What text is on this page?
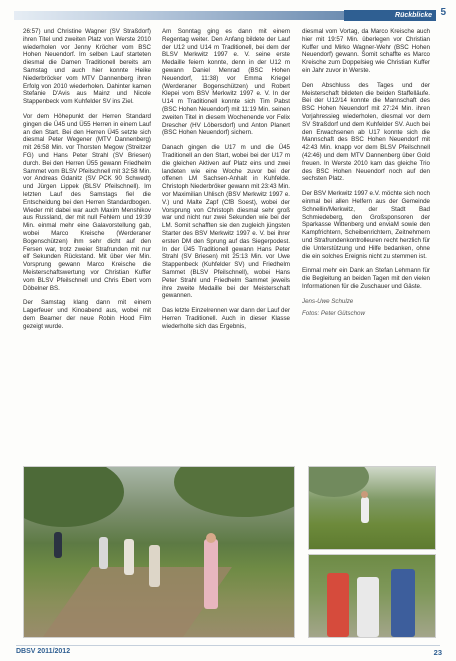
Rückblicke 5

26:57) und Christine Wagner (SV Straßdorf) ihren Titel und zweiten Platz von Werste 2010 wiederholen vor Jenny Kröcher vom BSC Hohen Neuendorf. Im selben Lauf starteten diesmal die Damen Traditionell bereits am Samstag und auch hier konnte Heike Niederbröcker vom MTV Dannenberg ihren Erfolg von 2010 wiederholen. Dahinter kamen Stefanie D'Avis aus Mainz und Nicole Stappenbeck vom Kuhfelder SV ins Ziel.

Vor dem Höhepunkt der Herren Standard gingen die Ü45 und Ü55 Herren in einem Lauf an den Start. Bei den Herren Ü45 setzte sich diesmal Peter Wegener (MTV Dannenberg) mit 26:58 Min. vor Thorsten Megow (Streitzer FG) und Hans Peter Strahl (SV Briesen) durch. Bei den Herren Ü55 gewann Friedhelm Sammet vom BLSV Pfeilschnell mit 32:58 Min. vor Andreas Gdanitz (SV PCK 90 Schwedt) und Jürgen Lippek (BLSV Pfeilschnell). Im letzten Lauf des Samstags fiel die Entscheidung bei den Herren Standardbogen. Wieder mit dabei war auch Maxim Menshikov aus Russland, der mit null Fehlern und 19:39 Min. einmal mehr eine Galavorstellung gab, wobei Marco Kreische (Werderaner Bogenschützen) ihm sehr dicht auf den Fersen war, trotz zweier Strafrunden mit nur elf Sekunden Rückstand. Mit über vier Min. Vorsprung gewann Marco Kreische die Meisterschaftswertung vor Christian Kuffer vom BLSV Pfeilschnell und Chris Ebert vom Döbelner BS.

Der Samstag klang dann mit einem Lagerfeuer und Kinoabend aus, wobei mit dem Beamer der neue Robin Hood Film gezeigt wurde.

Am Sonntag ging es dann mit einem Regentag weiter. Den Anfang bildete der Lauf der U12 und U14 m Traditionell, bei dem der BLSV Merkwitz 1997 e. V. seine erste Medaille feiern konnte, denn in der U12 m gewann Daniel Menrad (BSC Hohen Neuendorf, 11:38) vor Emma Kriegel (Werderaner Bogenschützen) und Robert Klepei vom BSV Merkwitz 1997 e. V. In der U14 m Traditionell konnte sich Tim Pabst (BSC Hohen Neuendorf) mit 11:19 Min. seinen zweiten Titel in diesem Wochenende vor Felix Drescher (HV Löbersdorf) und Anton Planert (BSC Hohen Neuendorf) sichern.

Danach gingen die U17 m und die Ü45 Traditionell an den Start, wobei bei der U17 m die gleichen Aktiven auf Platz eins und zwei landeten wie eine Woche zuvor bei der offenen LM Sachsen-Anhalt in Kuhfelde. Christoph Niederbröker gewann mit 23:43 Min. vor Maximilian Uhlisch (BSV Merkwitz 1997 e. V.) und Malte Zapf (CfB Soest), wobei der Vorsprung von Christoph diesmal sehr groß war und nicht nur zwei Sekunden wie bei der LM. Somit schafften sie den zugleich jüngsten Starter des BSV Merkwitz 1997 e. V. bei ihrer ersten DM den Sprung auf das Siegerpodest. In der Ü45 Traditionell gewann Hans Peter Strahl (SV Briesen) mit 25:13 Min. vor Uwe Stappenbeck (Kuhfelder SV) und Friedhelm Sammet (BLSV Pfeilschnell), wobei Hans Peter Strahl und Friedhelm Sammet jeweils ihre zweite Medaille bei der Meisterschaft gewannen.

Das letzte Einzelrennen war dann der Lauf der Herren Traditionell. Auch in dieser Klasse wiederholte sich das Ergebnis,

diesmal vom Vortag, da Marco Kreische auch hier mit 19:57 Min. überlegen vor Christian Kuffer und Mirko Wagner-Wehr (BSC Hohen Neuendorf) gewann. Somit schaffte es Marco Kreische zum Doppelsieg wie Christian Kuffer ein Jahr zuvor in Werste.

Den Abschluss des Tages und der Meisterschaft bildeten die beiden Staffelläufe. Bei der U12/14 konnte die Mannschaft des BSC Hohen Neuendorf mit 27:24 Min. ihren Vorjahressieg wiederholen, diesmal vor dem SV Straßdorf und dem Kuhfelder SV. Auch bei den Erwachsenen ab U17 konnte sich die Mannschaft des BSC Hohen Neuendorf mit 42:43 Min. knapp vor dem BLSV Pfeilschnell (42:46) und dem MTV Dannenberg über Gold freuen. In Werste 2010 kam das gleiche Trio des BSC Hohen Neuendorf noch auf den sechsten Platz.

Der BSV Merkwitz 1997 e.V. möchte sich noch einmal bei allen Helfern aus der Gemeinde Schnellin/Merkwitz, der Stadt Bad Schmiedeberg, den Großsponsoren der Sparkasse Wittenberg und enviaM sowie den Kampfrichtern, Scheibenrichtern, Zeitnehmern und Strafrundenkontrolleuren recht herzlich für die Unterstützung und Hilfe bedanken, ohne die ein solches Ereignis nicht zu stemmen ist.

Einmal mehr ein Dank an Stefan Lehmann für die Begleitung an beiden Tagen mit den vielen Informationen für die Zuschauer und Gäste.

Jens-Uwe Schulze
Fotos: Peter Gütschow
DBSV 2011/2012	23
